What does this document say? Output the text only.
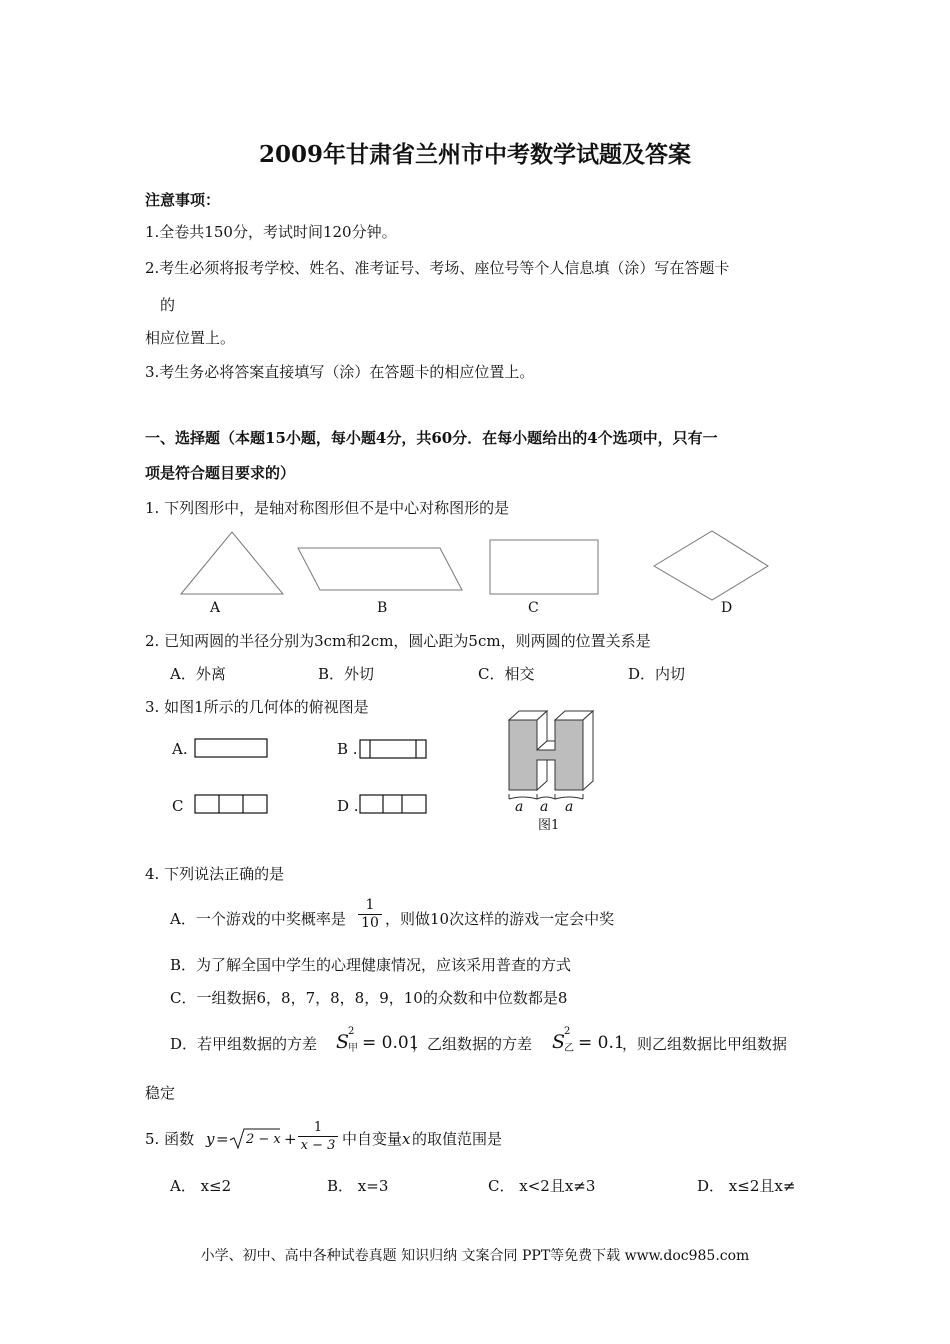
2009年甘肃省兰州市中考数学试题及答案
注意事项：
1.全卷共150分，考试时间120分钟。
2.考生必须将报考学校、姓名、准考证号、考场、座位号等个人信息填（涂）写在答题卡
的
相应位置上。
3.考生务必将答案直接填写（涂）在答题卡的相应位置上。
一、选择题（本题15小题，每小题4分，共60分．在每小题给出的4个选项中，只有一
项是符合题目要求的）
1. 下列图形中，是轴对称图形但不是中心对称图形的是
A	B	C	D
2. 已知两圆的半径分别为3cm和2cm，圆心距为5cm，则两圆的位置关系是
A．外离	B．外切	C．相交	D．内切
3. 如图1所示的几何体的俯视图是
A.	B .
C	D .	a a a
图1
4. 下列说法正确的是
A．一个游戏的中奖概率是 $\frac{1}{10}$ ，则做10次这样的游戏一定会中奖
B．为了解全国中学生的心理健康情况，应该采用普查的方式
C．一组数据6，8，7，8，8，9，10的众数和中位数都是8
D．若甲组数据的方差 S
2
甲 = 0.01
，乙组数据的方差 S
2
乙 = 0.1
，则乙组数据比甲组数据
稳定
5. 函数 $y = 2 - x + \frac{1}{x - 3}$ 中自变量 x 的取值范围是
A． x≤2	B． x=3	C． x<2且x≠3	D． x≤2且x≠
小学、初中、高中各种试卷真题 知识归纳 文案合同 PPT等免费下载 www.doc985.com
